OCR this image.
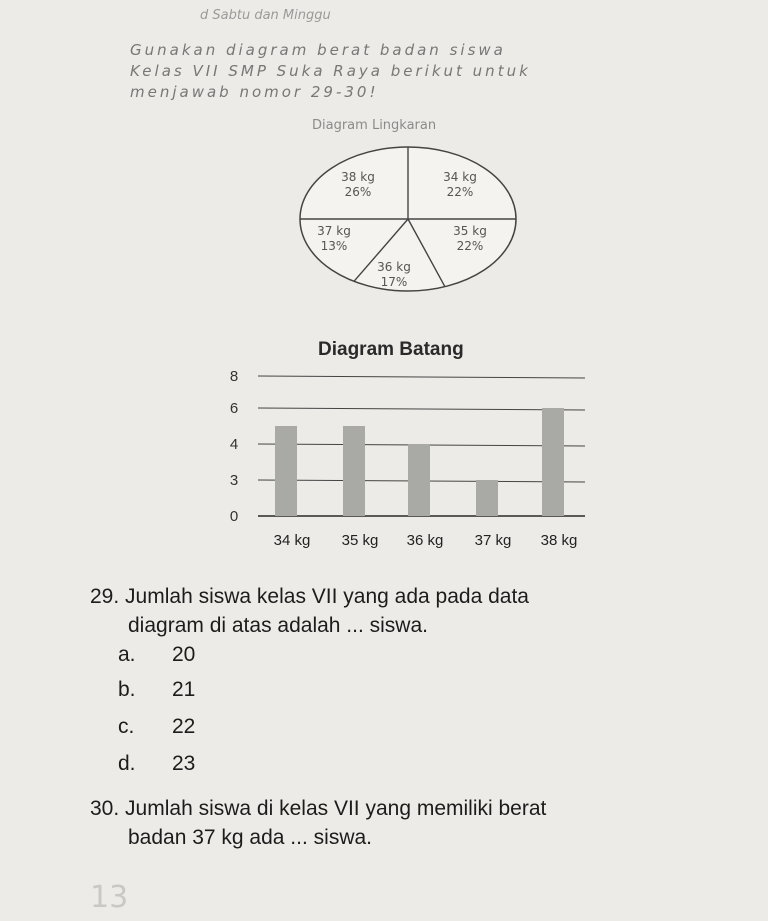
d Sabtu dan Minggu
Gunakan diagram berat badan siswa
Kelas VII SMP Suka Raya berikut untuk
menjawab nomor 29-30!
Diagram Lingkaran
38 kg
26%
34 kg
22%
35 kg
22%
36 kg
17%
37 kg
13%
Diagram Batang
0
3
4
6
8
34 kg 35 kg 36 kg 37 kg 38 kg
29. Jumlah siswa kelas VII yang ada pada data
diagram di atas adalah ... siswa.
a. 20
b. 21
c. 22
d. 23
30. Jumlah siswa di kelas VII yang memiliki berat
badan 37 kg ada ... siswa.
13
